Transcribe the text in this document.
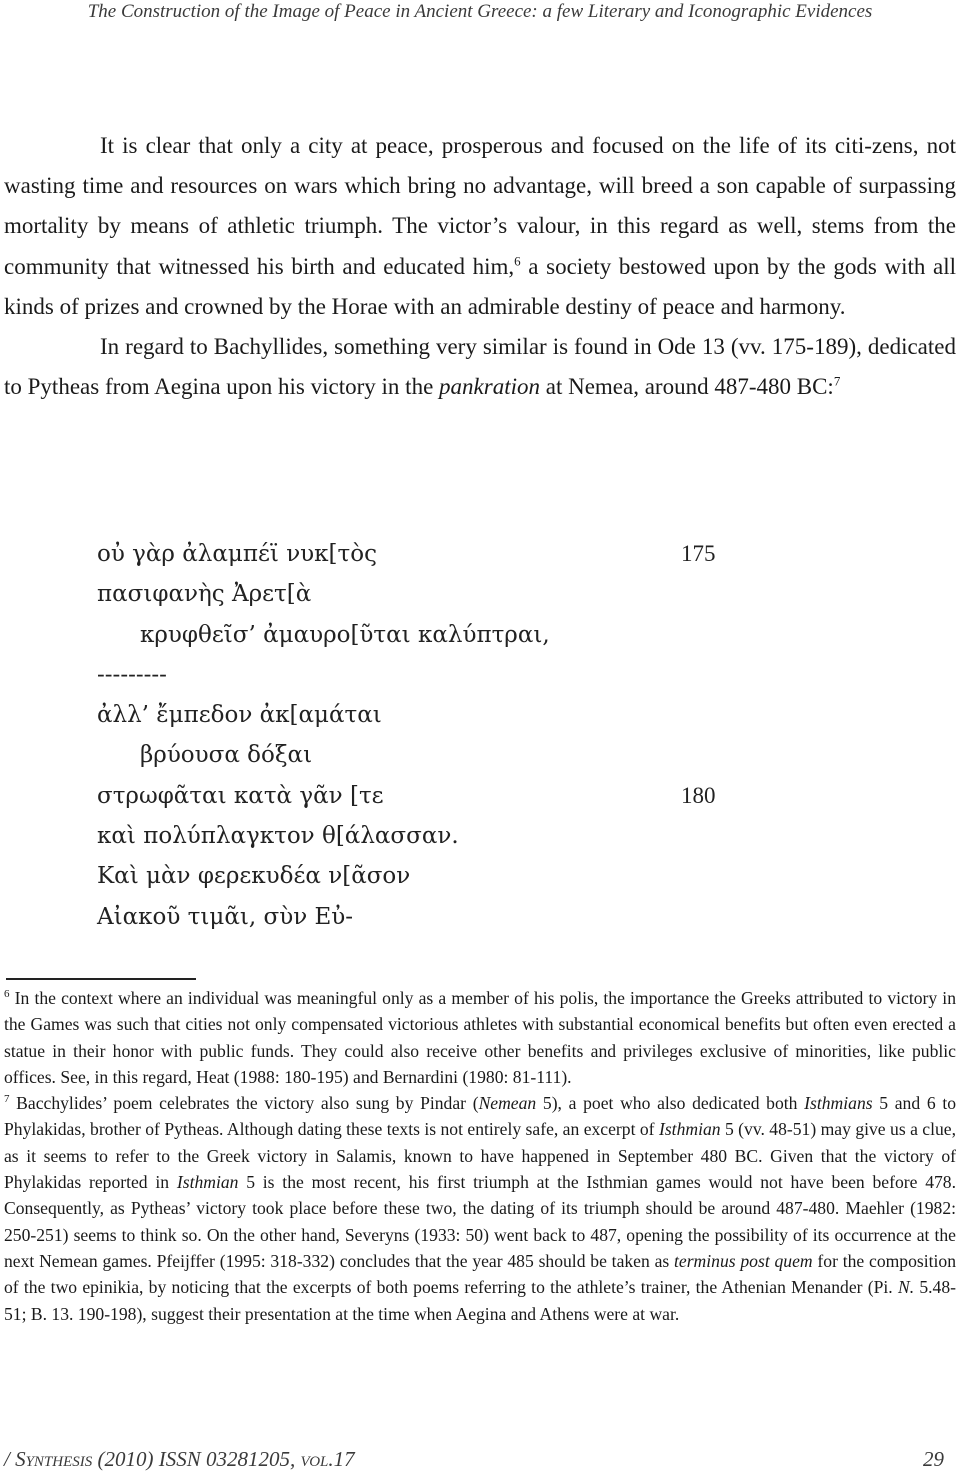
The Construction of the Image of Peace in Ancient Greece: a few Literary and Iconographic Evidences

It is clear that only a city at peace, prosperous and focused on the life of its citi-zens, not wasting time and resources on wars which bring no advantage, will breed a son capable of surpassing mortality by means of athletic triumph. The victor’s valour, in this regard as well, stems from the community that witnessed his birth and educated him,$^6$ a society bestowed upon by the gods with all kinds of prizes and crowned by the Horae with an admirable destiny of peace and harmony.

In regard to Bachyllides, something very similar is found in Ode 13 (vv. 175-189), dedicated to Pytheas from Aegina upon his victory in the pankration at Nemea, around 487-480 BC:$^7$

οὐ γὰρ ἀλαμπέϊ νυκ[τὸς	175
πασιφανὴς Ἀρετ[ὰ
κρυφθεῖσ’ ἀμαυρο[ῦται καλύπτραι,
---------
ἀλλ’ ἔμπεδον ἀκ[αμάται
βρύουσα δόξαι
στρωφᾶται κατὰ γᾶν [τε	180
καὶ πολύπλαγκτον θ[άλασσαν.
Καὶ μὰν φερεκυδέα ν[ᾶσον
Αἰακοῦ τιμᾶι, σὺν Εὐ-

$^6$ In the context where an individual was meaningful only as a member of his polis, the importance the Greeks attributed to victory in the Games was such that cities not only compensated victorious athletes with substantial economical benefits but often even erected a statue in their honor with public funds. They could also receive other benefits and privileges exclusive of minorities, like public offices. See, in this regard, Heat (1988: 180-195) and Bernardini (1980: 81-111).

$^7$ Bacchylides’ poem celebrates the victory also sung by Pindar (Nemean 5), a poet who also dedicated both Isthmians 5 and 6 to Phylakidas, brother of Pytheas. Although dating these texts is not entirely safe, an excerpt of Isthmian 5 (vv. 48-51) may give us a clue, as it seems to refer to the Greek victory in Salamis, known to have happened in September 480 BC. Given that the victory of Phylakidas reported in Isthmian 5 is the most recent, his first triumph at the Isthmian games would not have been before 478. Consequently, as Pytheas’ victory took place before these two, the dating of its triumph should be around 487-480. Maehler (1982: 250-251) seems to think so. On the other hand, Severyns (1933: 50) went back to 487, opening the possibility of its occurrence at the next Nemean games. Pfeijffer (1995: 318-332) concludes that the year 485 should be taken as terminus post quem for the composition of the two epinikia, by noticing that the excerpts of both poems referring to the athlete’s trainer, the Athenian Menander (Pi. N. 5.48-51; B. 13. 190-198), suggest their presentation at the time when Aegina and Athens were at war.

/ Synthesis (2010) ISSN 03281205, vol.17	29
